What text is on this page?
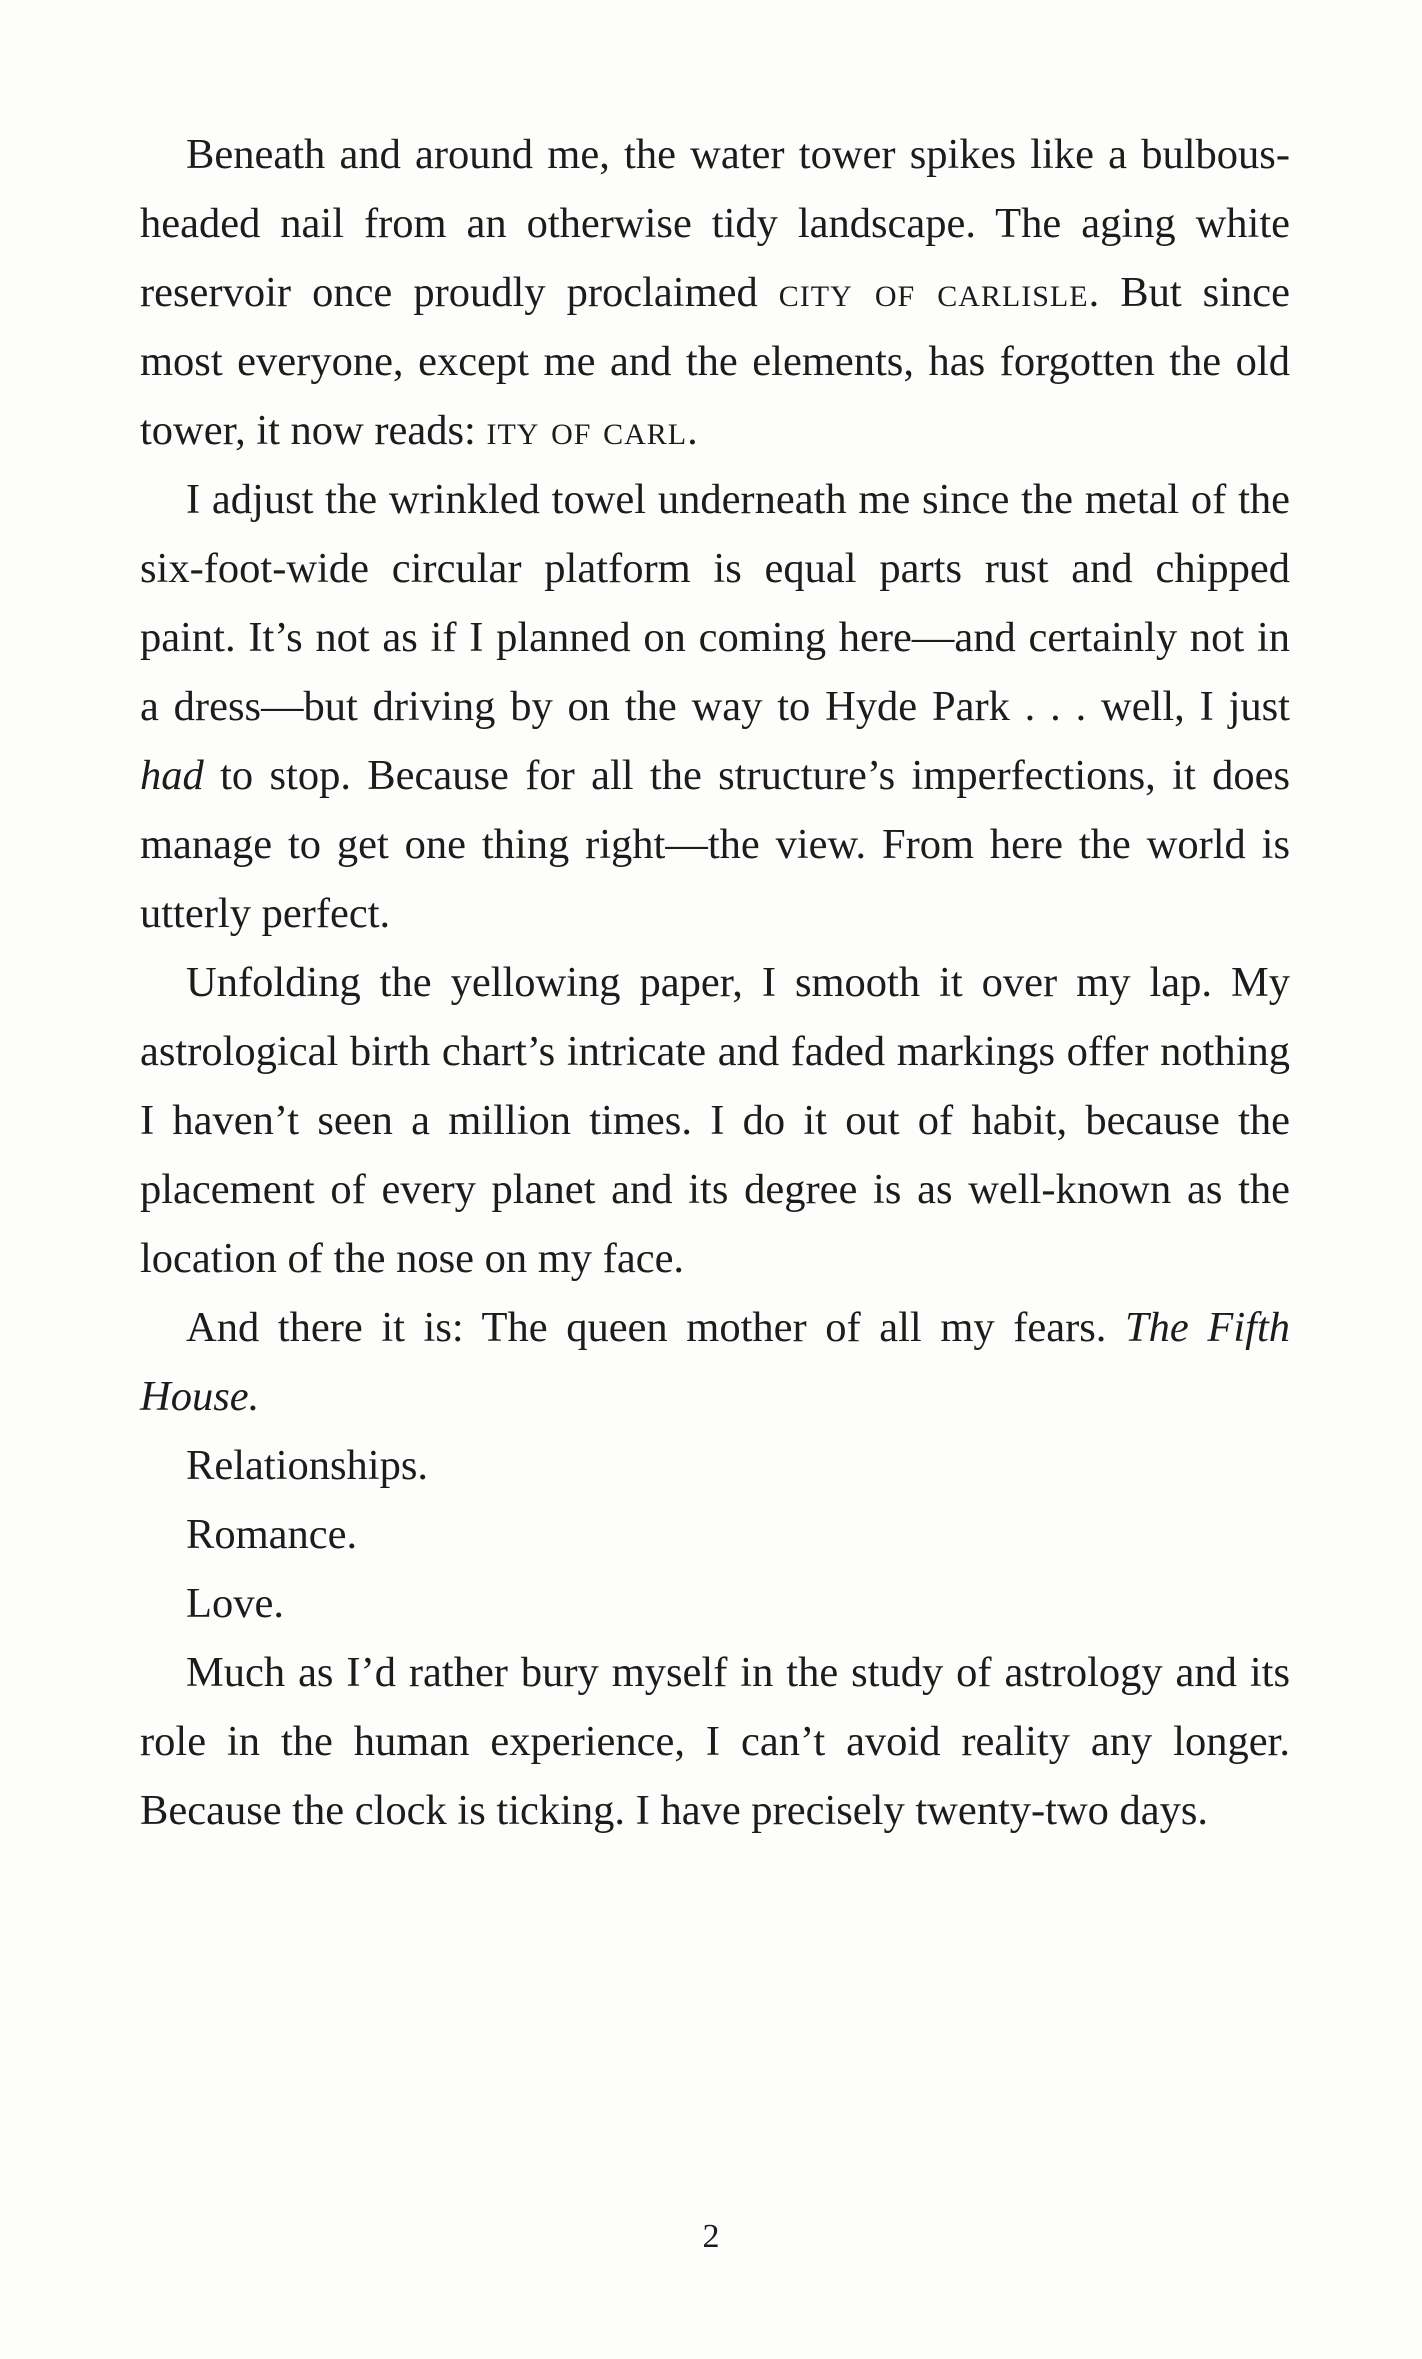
Beneath and around me, the water tower spikes like a bulbous-headed nail from an otherwise tidy landscape. The aging white reservoir once proudly proclaimed city of carlisle. But since most everyone, except me and the elements, has forgotten the old tower, it now reads: ity of carl.

I adjust the wrinkled towel underneath me since the metal of the six-foot-wide circular platform is equal parts rust and chipped paint. It’s not as if I planned on coming here—and certainly not in a dress—but driving by on the way to Hyde Park . . . well, I just had to stop. Because for all the structure’s imperfections, it does manage to get one thing right—the view. From here the world is utterly perfect.

Unfolding the yellowing paper, I smooth it over my lap. My astrological birth chart’s intricate and faded markings offer nothing I haven’t seen a million times. I do it out of habit, because the placement of every planet and its degree is as well-known as the location of the nose on my face.

And there it is: The queen mother of all my fears. The Fifth House.

Relationships.

Romance.

Love.

Much as I’d rather bury myself in the study of astrology and its role in the human experience, I can’t avoid reality any longer. Because the clock is ticking. I have precisely twenty-two days.

2
